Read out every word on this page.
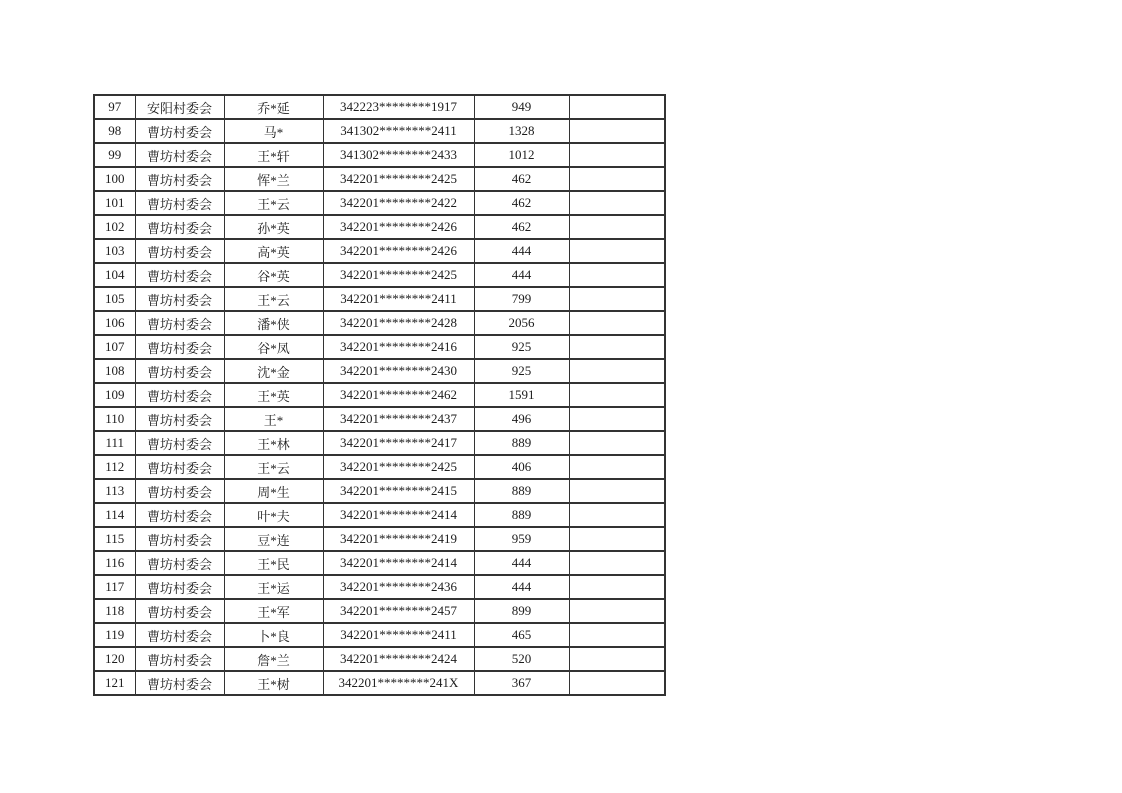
97	安阳村委会	乔*延	342223********1917	949	
98	曹坊村委会	马*	341302********2411	1328	
99	曹坊村委会	王*轩	341302********2433	1012	
100	曹坊村委会	恽*兰	342201********2425	462	
101	曹坊村委会	王*云	342201********2422	462	
102	曹坊村委会	孙*英	342201********2426	462	
103	曹坊村委会	高*英	342201********2426	444	
104	曹坊村委会	谷*英	342201********2425	444	
105	曹坊村委会	王*云	342201********2411	799	
106	曹坊村委会	潘*侠	342201********2428	2056	
107	曹坊村委会	谷*凤	342201********2416	925	
108	曹坊村委会	沈*金	342201********2430	925	
109	曹坊村委会	王*英	342201********2462	1591	
110	曹坊村委会	王*	342201********2437	496	
111	曹坊村委会	王*林	342201********2417	889	
112	曹坊村委会	王*云	342201********2425	406	
113	曹坊村委会	周*生	342201********2415	889	
114	曹坊村委会	叶*夫	342201********2414	889	
115	曹坊村委会	豆*连	342201********2419	959	
116	曹坊村委会	王*民	342201********2414	444	
117	曹坊村委会	王*运	342201********2436	444	
118	曹坊村委会	王*军	342201********2457	899	
119	曹坊村委会	卜*良	342201********2411	465	
120	曹坊村委会	詹*兰	342201********2424	520	
121	曹坊村委会	王*树	342201********241X	367	
